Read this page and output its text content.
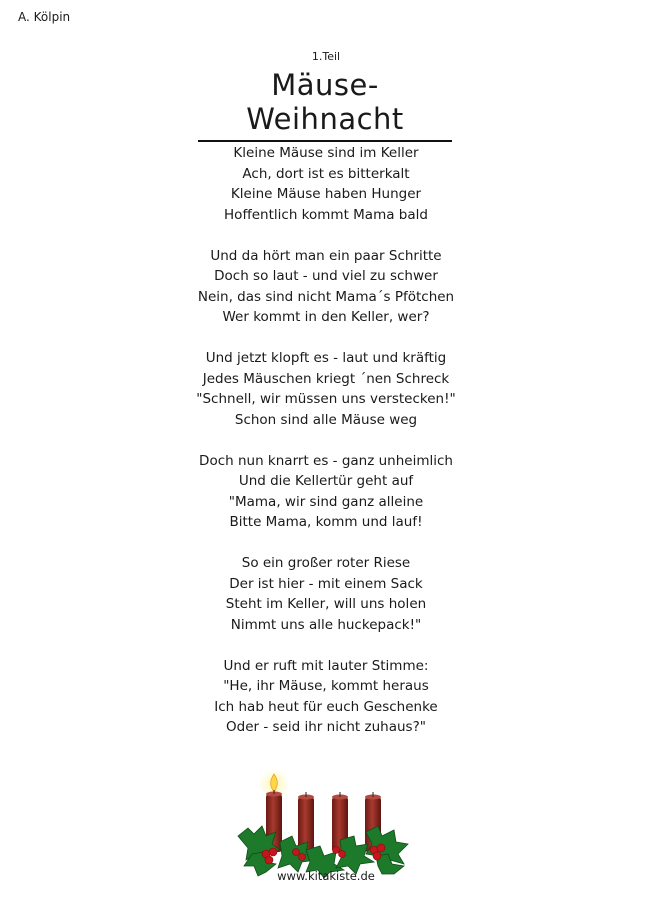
A. Kölpin
1.Teil
Mäuse-Weihnacht
Kleine Mäuse sind im Keller
Ach, dort ist es bitterkalt
Kleine Mäuse haben Hunger
Hoffentlich kommt Mama bald
Und da hört man ein paar Schritte
Doch so laut - und viel zu schwer
Nein, das sind nicht Mama´s Pfötchen
Wer kommt in den Keller, wer?
Und jetzt klopft es - laut und kräftig
Jedes Mäuschen kriegt ´nen Schreck
"Schnell, wir müssen uns verstecken!"
Schon sind alle Mäuse weg
Doch nun knarrt es - ganz unheimlich
Und die Kellertür geht auf
"Mama, wir sind ganz alleine
Bitte Mama, komm und lauf!
So ein großer roter Riese
Der ist hier - mit einem Sack
Steht im Keller, will uns holen
Nimmt uns alle huckepack!"
Und er ruft mit lauter Stimme:
"He, ihr Mäuse, kommt heraus
Ich hab heut für euch Geschenke
Oder - seid ihr nicht zuhaus?"
www.kitakiste.de
